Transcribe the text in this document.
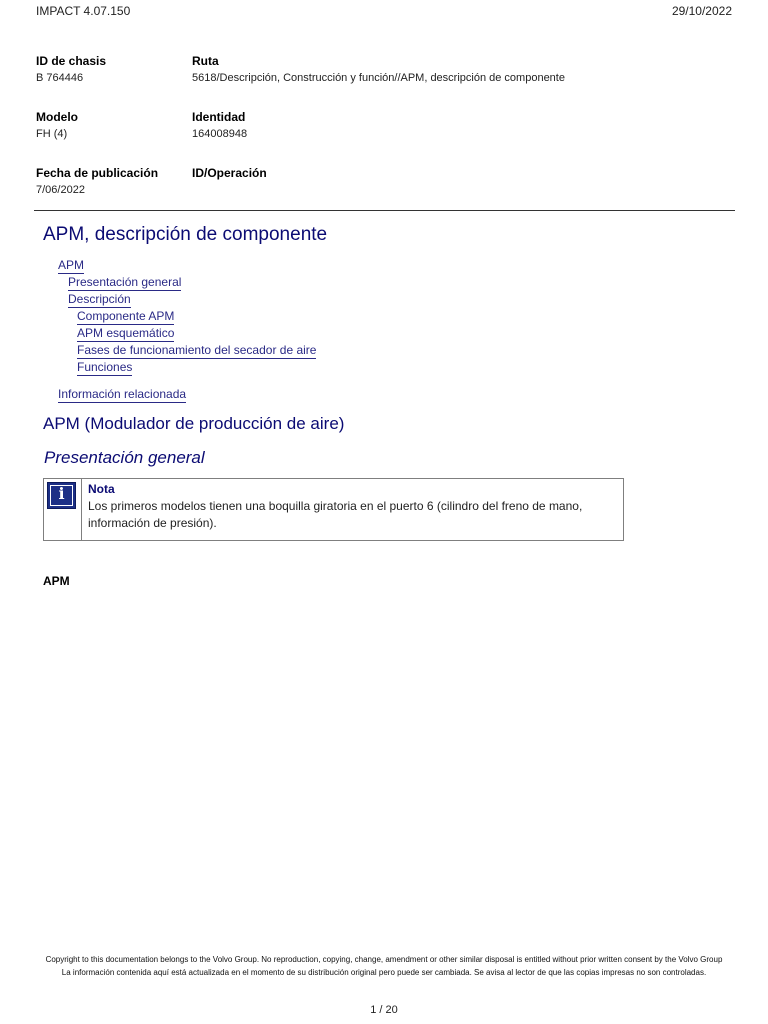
IMPACT 4.07.150	29/10/2022
ID de chasis
B 764446
Ruta
5618/Descripción, Construcción y función//APM, descripción de componente
Modelo
FH (4)
Identidad
164008948
Fecha de publicación
7/06/2022
ID/Operación
APM, descripción de componente
APM
Presentación general
Descripción
Componente APM
APM esquemático
Fases de funcionamiento del secador de aire
Funciones
Información relacionada
APM (Modulador de producción de aire)
Presentación general
i	Nota
Los primeros modelos tienen una boquilla giratoria en el puerto 6 (cilindro del freno de mano, información de presión).
APM
Copyright to this documentation belongs to the Volvo Group. No reproduction, copying, change, amendment or other similar disposal is entitled without prior written consent by the Volvo Group
La información contenida aquí está actualizada en el momento de su distribución original pero puede ser cambiada. Se avisa al lector de que las copias impresas no son controladas.
1 / 20
